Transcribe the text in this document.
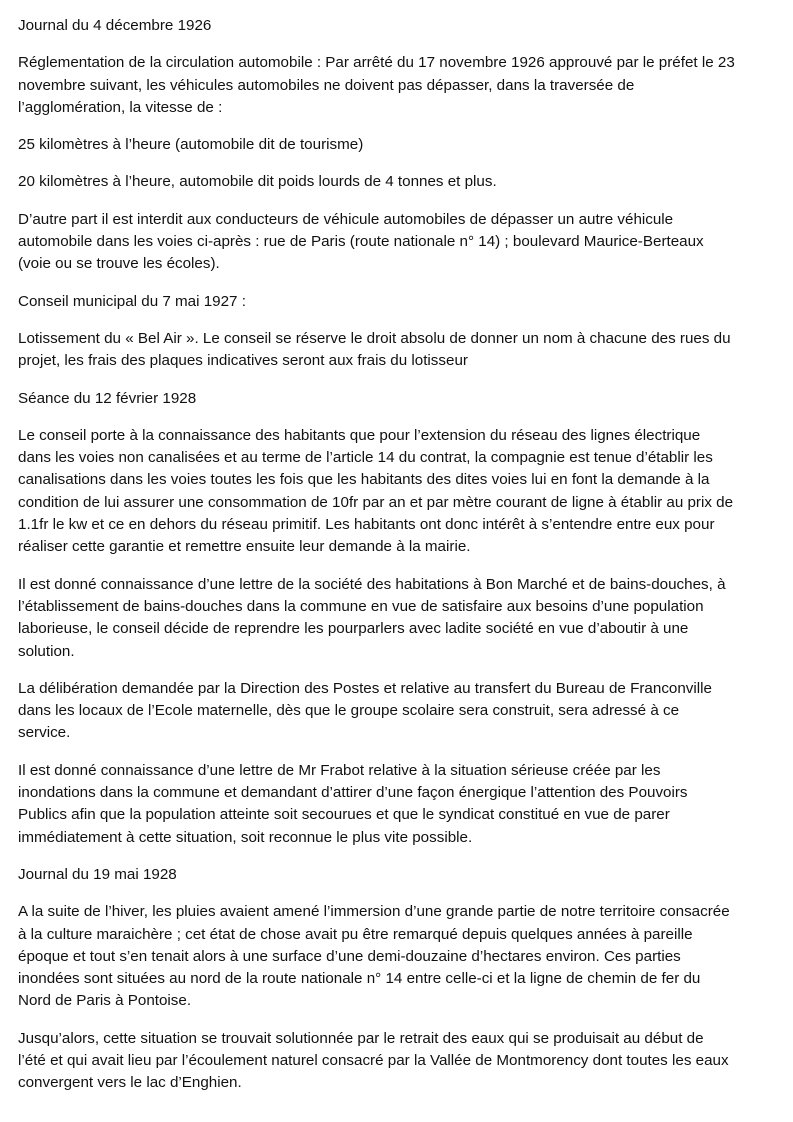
Journal du 4 décembre 1926

Réglementation de la circulation automobile : Par arrêté du 17 novembre 1926 approuvé par le préfet le 23
novembre suivant, les véhicules automobiles ne doivent pas dépasser, dans la traversée de
l’agglomération, la vitesse de :

25 kilomètres à l’heure (automobile dit de tourisme)

20 kilomètres à l’heure, automobile dit poids lourds de 4 tonnes et plus.

D’autre part il est interdit aux conducteurs de véhicule automobiles de dépasser un autre véhicule
automobile dans les voies ci-après : rue de Paris (route nationale n° 14) ; boulevard Maurice-Berteaux
(voie ou se trouve les écoles).

Conseil municipal du 7 mai 1927 :

Lotissement du « Bel Air ». Le conseil se réserve le droit absolu de donner un nom à chacune des rues du
projet, les frais des plaques indicatives seront aux frais du lotisseur

Séance du 12 février 1928

Le conseil porte à la connaissance des habitants que pour l’extension du réseau des lignes électrique
dans les voies non canalisées et au terme de l’article 14 du contrat, la compagnie est tenue d’établir les
canalisations dans les voies toutes les fois que les habitants des dites voies lui en font la demande à la
condition de lui assurer une consommation de 10fr par an et par mètre courant de ligne à établir au prix de
1.1fr le kw et ce en dehors du réseau primitif. Les habitants ont donc intérêt à s’entendre entre eux pour
réaliser cette garantie et remettre ensuite leur demande à la mairie.

Il est donné connaissance d’une lettre de la société des habitations à Bon Marché et de bains-douches, à
l’établissement de bains-douches dans la commune en vue de satisfaire aux besoins d’une population
laborieuse, le conseil décide de reprendre les pourparlers avec ladite société en vue d’aboutir à une
solution.

La délibération demandée par la Direction des Postes et relative au transfert du Bureau de Franconville
dans les locaux de l’Ecole maternelle, dès que le groupe scolaire sera construit, sera adressé à ce
service.

Il est donné connaissance d’une lettre de Mr Frabot relative à la situation sérieuse créée par les
inondations dans la commune et demandant d’attirer d’une façon énergique l’attention des Pouvoirs
Publics afin que la population atteinte soit secourues et que le syndicat constitué en vue de parer
immédiatement à cette situation, soit reconnue le plus vite possible.

Journal du 19 mai 1928

A la suite de l’hiver, les pluies avaient amené l’immersion d’une grande partie de notre territoire consacrée
à la culture maraichère ; cet état de chose avait pu être remarqué depuis quelques années à pareille
époque et tout s’en tenait alors à une surface d’une demi-douzaine d’hectares environ. Ces parties
inondées sont situées au nord de la route nationale n° 14 entre celle-ci et la ligne de chemin de fer du
Nord de Paris à Pontoise.

Jusqu’alors, cette situation se trouvait solutionnée par le retrait des eaux qui se produisait au début de
l’été et qui avait lieu par l’écoulement naturel consacré par la Vallée de Montmorency dont toutes les eaux
convergent vers le lac d’Enghien.
